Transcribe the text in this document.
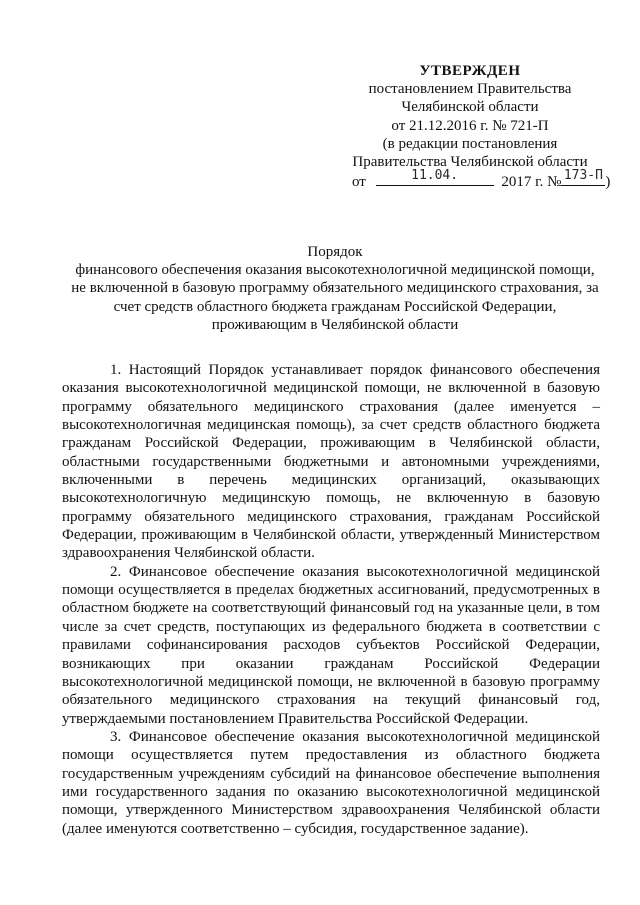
УТВЕРЖДЕН
постановлением Правительства
Челябинской области
от 21.12.2016 г. № 721-П
(в редакции постановления
Правительства Челябинской области
от	11.04.	2017 г. № 173-П )
Порядок
финансового обеспечения оказания высокотехнологичной медицинской помощи, не включенной в базовую программу обязательного медицинского страхования, за счет средств областного бюджета гражданам Российской Федерации, проживающим в Челябинской области

1. Настоящий Порядок устанавливает порядок финансового обеспечения оказания высокотехнологичной медицинской помощи, не включенной в базовую программу обязательного медицинского страхования (далее именуется – высокотехнологичная медицинская помощь), за счет средств областного бюджета гражданам Российской Федерации, проживающим в Челябинской области, областными государственными бюджетными и автономными учреждениями, включенными в перечень медицинских организаций, оказывающих высокотехнологичную медицинскую помощь, не включенную в базовую программу обязательного медицинского страхования, гражданам Российской Федерации, проживающим в Челябинской области, утвержденный Министерством здравоохранения Челябинской области.

2. Финансовое обеспечение оказания высокотехнологичной медицинской помощи осуществляется в пределах бюджетных ассигнований, предусмотренных в областном бюджете на соответствующий финансовый год на указанные цели, в том числе за счет средств, поступающих из федерального бюджета в соответствии с правилами софинансирования расходов субъектов Российской Федерации, возникающих при оказании гражданам Российской Федерации высокотехнологичной медицинской помощи, не включенной в базовую программу обязательного медицинского страхования на текущий финансовый год, утверждаемыми постановлением Правительства Российской Федерации.

3. Финансовое обеспечение оказания высокотехнологичной медицинской помощи осуществляется путем предоставления из областного бюджета государственным учреждениям субсидий на финансовое обеспечение выполнения ими государственного задания по оказанию высокотехнологичной медицинской помощи, утвержденного Министерством здравоохранения Челябинской области (далее именуются соответственно – субсидия, государственное задание).
